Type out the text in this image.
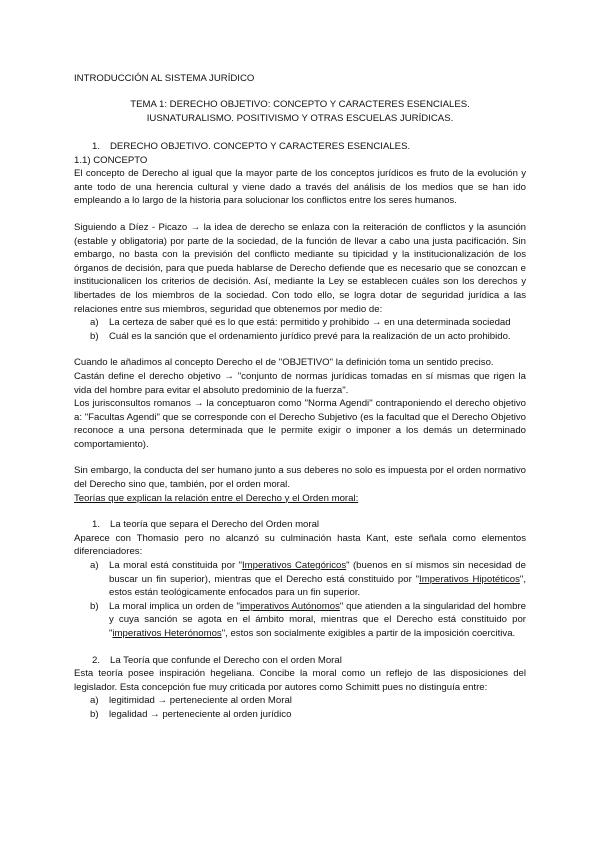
INTRODUCCIÓN AL SISTEMA JURÍDICO
TEMA 1: DERECHO OBJETIVO: CONCEPTO Y CARACTERES ESENCIALES.
IUSNATURALISMO. POSITIVISMO Y OTRAS ESCUELAS JURÍDICAS.
1.	DERECHO OBJETIVO. CONCEPTO Y CARACTERES ESENCIALES.
1.1) CONCEPTO

El concepto de Derecho al igual que la mayor parte de los conceptos jurídicos es fruto de la evolución y ante todo de una herencia cultural y viene dado a través del análisis de los medios que se han ido empleando a lo largo de la historia para solucionar los conflictos entre los seres humanos.

Siguiendo a Díez - Picazo → la idea de derecho se enlaza con la reiteración de conflictos y la asunción (estable y obligatoria) por parte de la sociedad, de la función de llevar a cabo una justa pacificación. Sin embargo, no basta con la previsión del conflicto mediante su tipicidad y la institucionalización de los órganos de decisión, para que pueda hablarse de Derecho defiende que es necesario que se conozcan e institucionalicen los criterios de decisión. Así, mediante la Ley se establecen cuáles son los derechos y libertades de los miembros de la sociedad. Con todo ello, se logra dotar de seguridad jurídica a las relaciones entre sus miembros, seguridad que obtenemos por medio de:

a)	La certeza de saber qué es lo que está: permitido y prohibido → en una determinada sociedad
b)	Cuál es la sanción que el ordenamiento jurídico prevé para la realización de un acto prohibido.

Cuando le añadimos al concepto Derecho el de "OBJETIVO" la definición toma un sentido preciso.

Castán define el derecho objetivo → "conjunto de normas jurídicas tomadas en sí mismas que rigen la vida del hombre para evitar el absoluto predominio de la fuerza".

Los jurisconsultos romanos → la conceptuaron como "Norma Agendi" contraponiendo el derecho objetivo a: "Facultas Agendi" que se corresponde con el Derecho Subjetivo (es la facultad que el Derecho Objetivo reconoce a una persona determinada que le permite exigir o imponer a los demás un determinado comportamiento).

Sin embargo, la conducta del ser humano junto a sus deberes no solo es impuesta por el orden normativo del Derecho sino que, también, por el orden moral.

Teorías que explican la relación entre el Derecho y el Orden moral:
1.	La teoría que separa el Derecho del Orden moral

Aparece con Thomasio pero no alcanzó su culminación hasta Kant, este señala como elementos diferenciadores:

a)	La moral está constituida por "Imperativos Categóricos" (buenos en sí mismos sin necesidad de buscar un fin superior), mientras que el Derecho está constituido por "Imperativos Hipotéticos", estos están teológicamente enfocados para un fin superior.
b)	La moral implica un orden de "imperativos Autónomos" que atienden a la singularidad del hombre y cuya sanción se agota en el ámbito moral, mientras que el Derecho está constituido por "imperativos Heterónomos", estos son socialmente exigibles a partir de la imposición coercitiva.
2.	La Teoría que confunde el Derecho con el orden Moral

Esta teoría posee inspiración hegeliana. Concibe la moral como un reflejo de las disposiciones del legislador. Esta concepción fue muy criticada por autores como Schimitt pues no distinguía entre:

a)	legitimidad → perteneciente al orden Moral
b)	legalidad → perteneciente al orden jurídico
